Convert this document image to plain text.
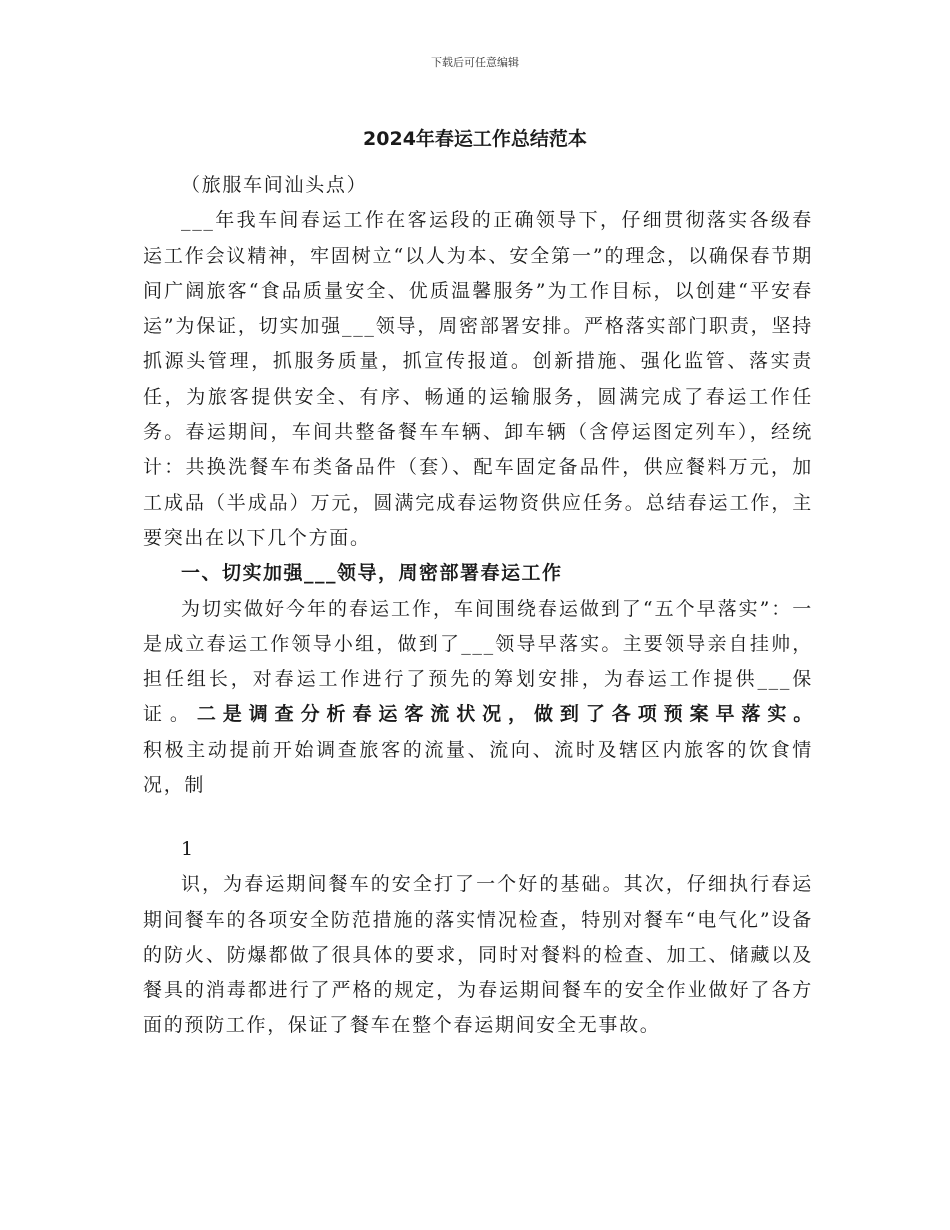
下载后可任意编辑
2024年春运工作总结范本

（旅服车间汕头点）

___年我车间春运工作在客运段的正确领导下，仔细贯彻落实各级春运工作会议精神，牢固树立“以人为本、安全第一”的理念，以确保春节期间广阔旅客“食品质量安全、优质温馨服务”为工作目标，以创建“平安春运”为保证，切实加强___领导，周密部署安排。严格落实部门职责，坚持抓源头管理，抓服务质量，抓宣传报道。创新措施、强化监管、落实责任，为旅客提供安全、有序、畅通的运输服务，圆满完成了春运工作任务。春运期间，车间共整备餐车车辆、卸车辆（含停运图定列车），经统计：共换洗餐车布类备品件（套）、配车固定备品件，供应餐料万元，加工成品（半成品）万元，圆满完成春运物资供应任务。总结春运工作，主要突出在以下几个方面。

一、切实加强___领导，周密部署春运工作

为切实做好今年的春运工作，车间围绕春运做到了“五个早落实”：一是成立春运工作领导小组，做到了___领导早落实。主要领导亲自挂帅，担任组长，对春运工作进行了预先的筹划安排，为春运工作提供___保证。二是调查分析春运客流状况，做到了各项预案早落实。

积极主动提前开始调查旅客的流量、流向、流时及辖区内旅客的饮食情况，制

1

识，为春运期间餐车的安全打了一个好的基础。其次，仔细执行春运期间餐车的各项安全防范措施的落实情况检查，特别对餐车“电气化”设备的防火、防爆都做了很具体的要求，同时对餐料的检查、加工、储藏以及餐具的消毒都进行了严格的规定，为春运期间餐车的安全作业做好了各方面的预防工作，保证了餐车在整个春运期间安全无事故。
